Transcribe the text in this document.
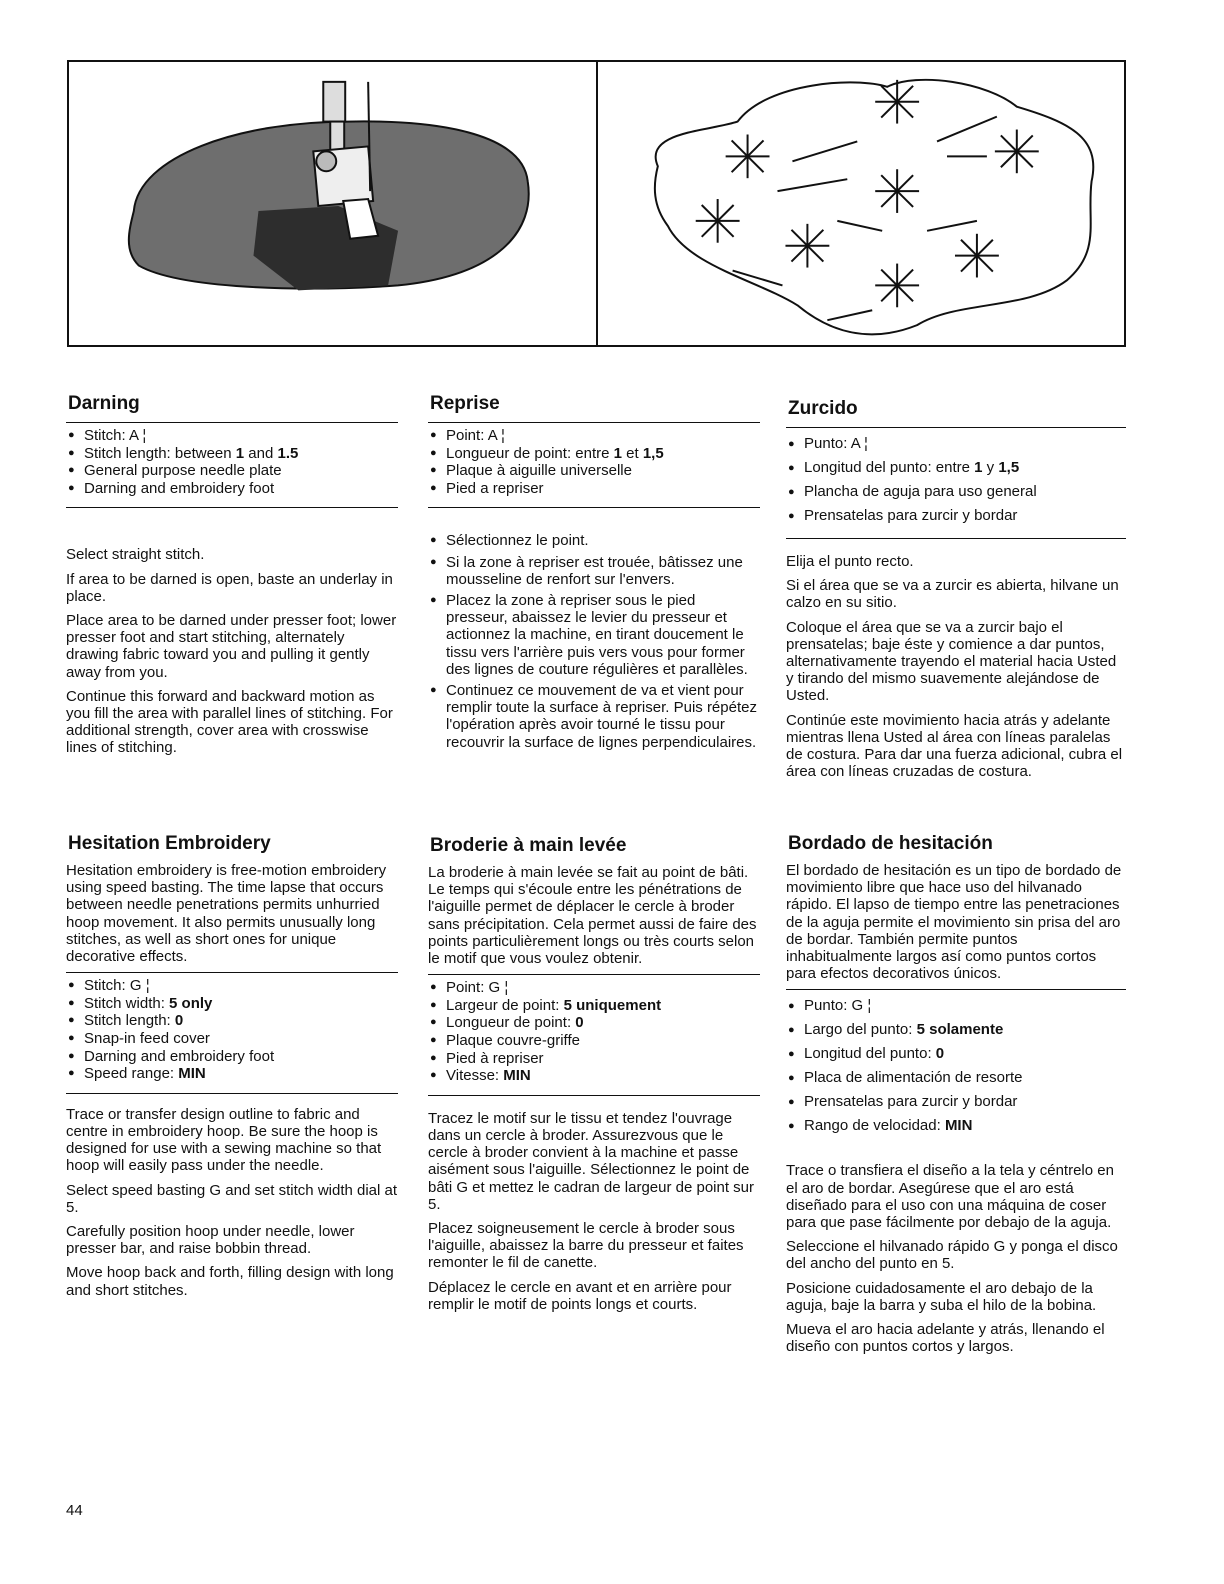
Darning
● Stitch: A ¦
● Stitch length: between 1 and 1.5
● General purpose needle plate
● Darning and embroidery foot

Select straight stitch.

If area to be darned is open, baste an underlay in place.

Place area to be darned under presser foot; lower presser foot and start stitching, alternately drawing fabric toward you and pulling it gently away from you.

Continue this forward and backward motion as you fill the area with parallel lines of stitching. For additional strength, cover area with crosswise lines of stitching.

Hesitation Embroidery

Hesitation embroidery is free-motion embroidery using speed basting. The time lapse that occurs between needle penetrations permits unhurried hoop movement. It also permits unusually long stitches, as well as short ones for unique decorative effects.

● Stitch: G ¦
● Stitch width: 5 only
● Stitch length: 0
● Snap-in feed cover
● Darning and embroidery foot
● Speed range: MIN

Trace or transfer design outline to fabric and centre in embroidery hoop. Be sure the hoop is designed for use with a sewing machine so that hoop will easily pass under the needle.

Select speed basting G and set stitch width dial at 5.

Carefully position hoop under needle, lower presser bar, and raise bobbin thread.

Move hoop back and forth, filling design with long and short stitches.

Reprise
● Point: A ¦
● Longueur de point: entre 1 et 1,5
● Plaque à aiguille universelle
● Pied a repriser
● Sélectionnez le point.
● Si la zone à repriser est trouée, bâtissez une mousseline de renfort sur l'envers.
● Placez la zone à repriser sous le pied presseur, abaissez le levier du presseur et actionnez la machine, en tirant doucement le tissu vers l'arrière puis vers vous pour former des lignes de couture régulières et parallèles.
● Continuez ce mouvement de va et vient pour remplir toute la surface à repriser. Puis répétez l'opération après avoir tourné le tissu pour recouvrir la surface de lignes perpendiculaires.
Broderie à main levée

La broderie à main levée se fait au point de bâti. Le temps qui s'écoule entre les pénétrations de l'aiguille permet de déplacer le cercle à broder sans précipitation. Cela permet aussi de faire des points particulièrement longs ou très courts selon le motif que vous voulez obtenir.

● Point: G ¦
● Largeur de point: 5 uniquement
● Longueur de point: 0
● Plaque couvre-griffe
● Pied à repriser
● Vitesse: MIN

Tracez le motif sur le tissu et tendez l'ouvrage dans un cercle à broder. Assurezvous que le cercle à broder convient à la machine et passe aisément sous l'aiguille. Sélectionnez le point de bâti G et mettez le cadran de largeur de point sur 5.

Placez soigneusement le cercle à broder sous l'aiguille, abaissez la barre du presseur et faites remonter le fil de canette.

Déplacez le cercle en avant et en arrière pour remplir le motif de points longs et courts.

Zurcido
● Punto: A ¦
● Longitud del punto: entre 1 y 1,5
● Plancha de aguja para uso general
● Prensatelas para zurcir y bordar

Elija el punto recto.

Si el área que se va a zurcir es abierta, hilvane un calzo en su sitio.

Coloque el área que se va a zurcir bajo el prensatelas; baje éste y comience a dar puntos, alternativamente trayendo el material hacia Usted y tirando del mismo suavemente alejándose de Usted.

Continúe este movimiento hacia atrás y adelante mientras llena Usted al área con líneas paralelas de costura. Para dar una fuerza adicional, cubra el área con líneas cruzadas de costura.

Bordado de hesitación

El bordado de hesitación es un tipo de bordado de movimiento libre que hace uso del hilvanado rápido. El lapso de tiempo entre las penetraciones de la aguja permite el movimiento sin prisa del aro de bordar. También permite puntos inhabitualmente largos así como puntos cortos para efectos decorativos únicos.

● Punto: G ¦
● Largo del punto: 5 solamente
● Longitud del punto: 0
● Placa de alimentación de resorte
● Prensatelas para zurcir y bordar
● Rango de velocidad: MIN

Trace o transfiera el diseño a la tela y céntrelo en el aro de bordar. Asegúrese que el aro está diseñado para el uso con una máquina de coser para que pase fácilmente por debajo de la aguja.

Seleccione el hilvanado rápido G y ponga el disco del ancho del punto en 5.

Posicione cuidadosamente el aro debajo de la aguja, baje la barra y suba el hilo de la bobina.

Mueva el aro hacia adelante y atrás, llenando el diseño con puntos cortos y largos.

44
